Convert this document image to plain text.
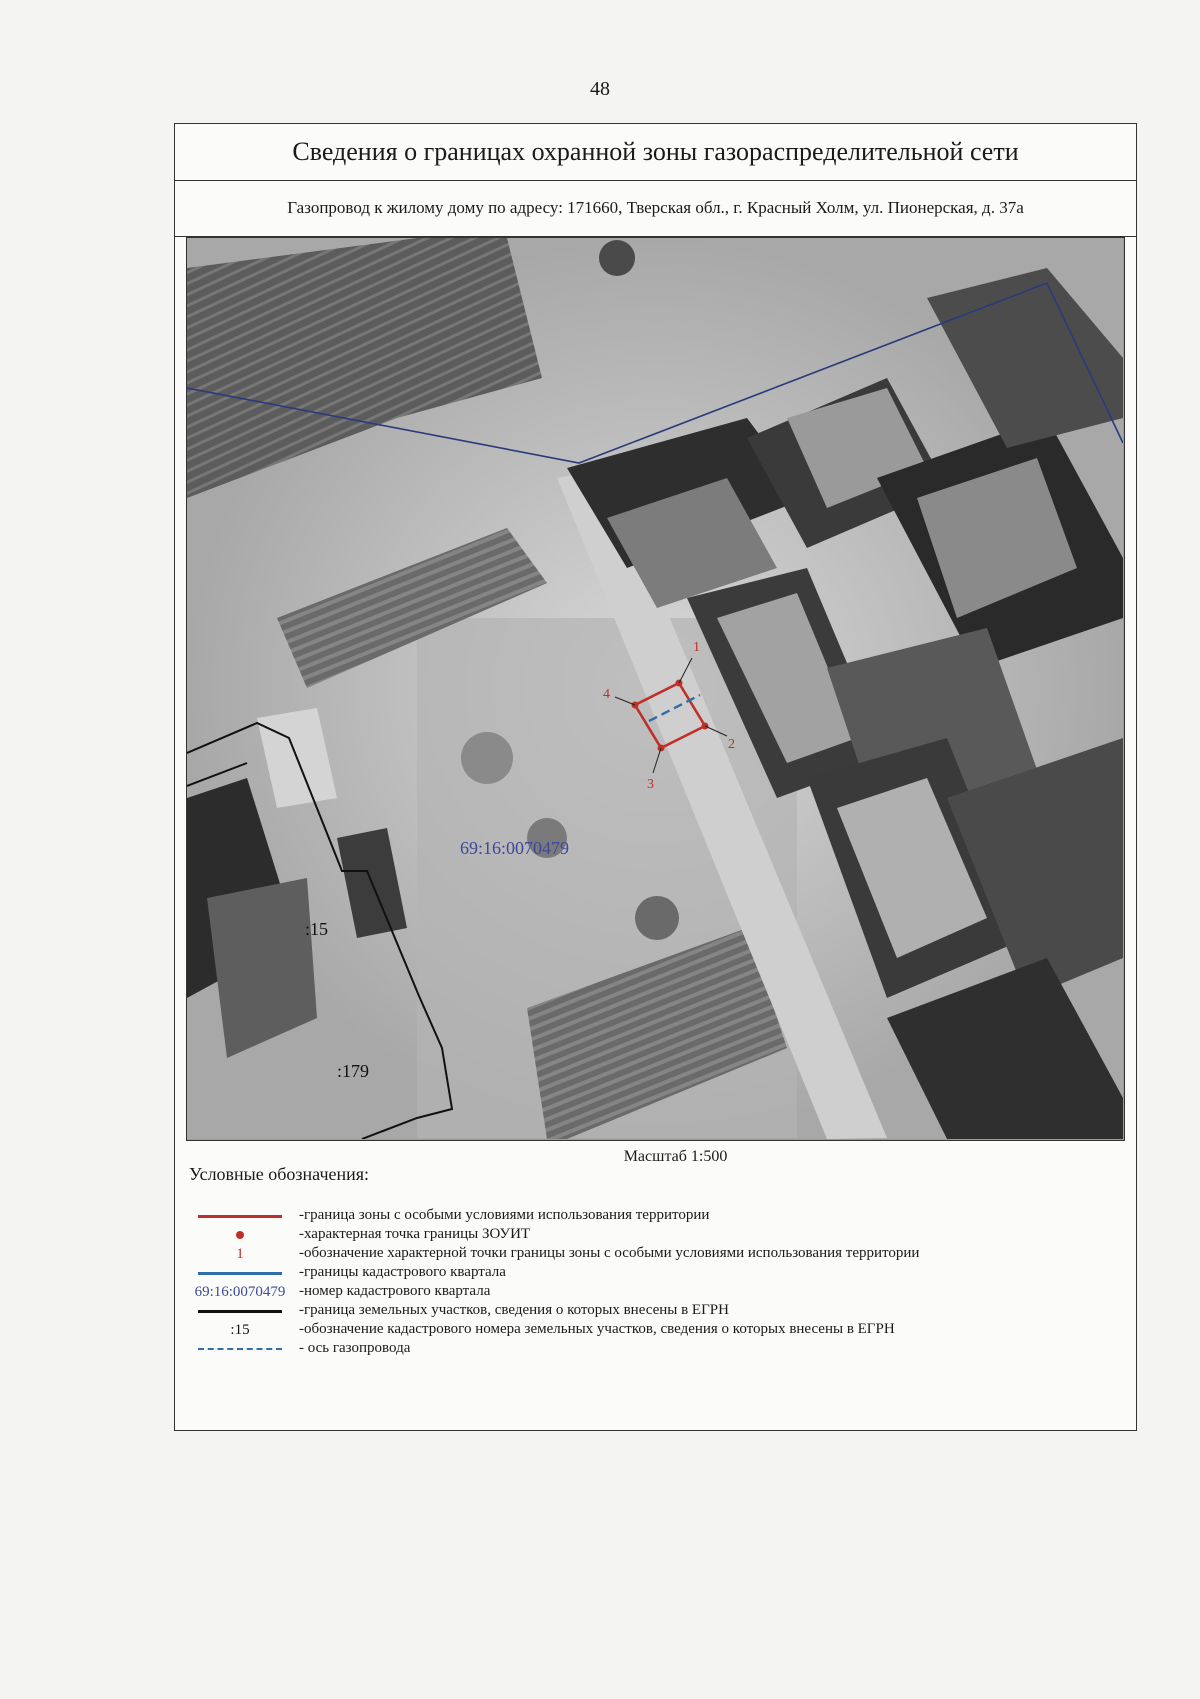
48
Сведения о границах охранной зоны газораспределительной сети
Газопровод к жилому дому по адресу: 171660, Тверская обл., г. Красный Холм, ул. Пионерская, д. 37а
1
2
3
4
69:16:0070479
:15
:179
Масштаб 1:500
Условные обозначения:
-граница зоны с особыми условиями использования территории
-характерная точка границы ЗОУИТ
1	-обозначение характерной точки границы зоны с особыми условиями использования территории
-границы кадастрового квартала
69:16:0070479 -номер кадастрового квартала
-граница земельных участков, сведения о которых внесены в ЕГРН
:15	-обозначение кадастрового номера земельных участков, сведения о которых внесены в ЕГРН
- ось газопровода
